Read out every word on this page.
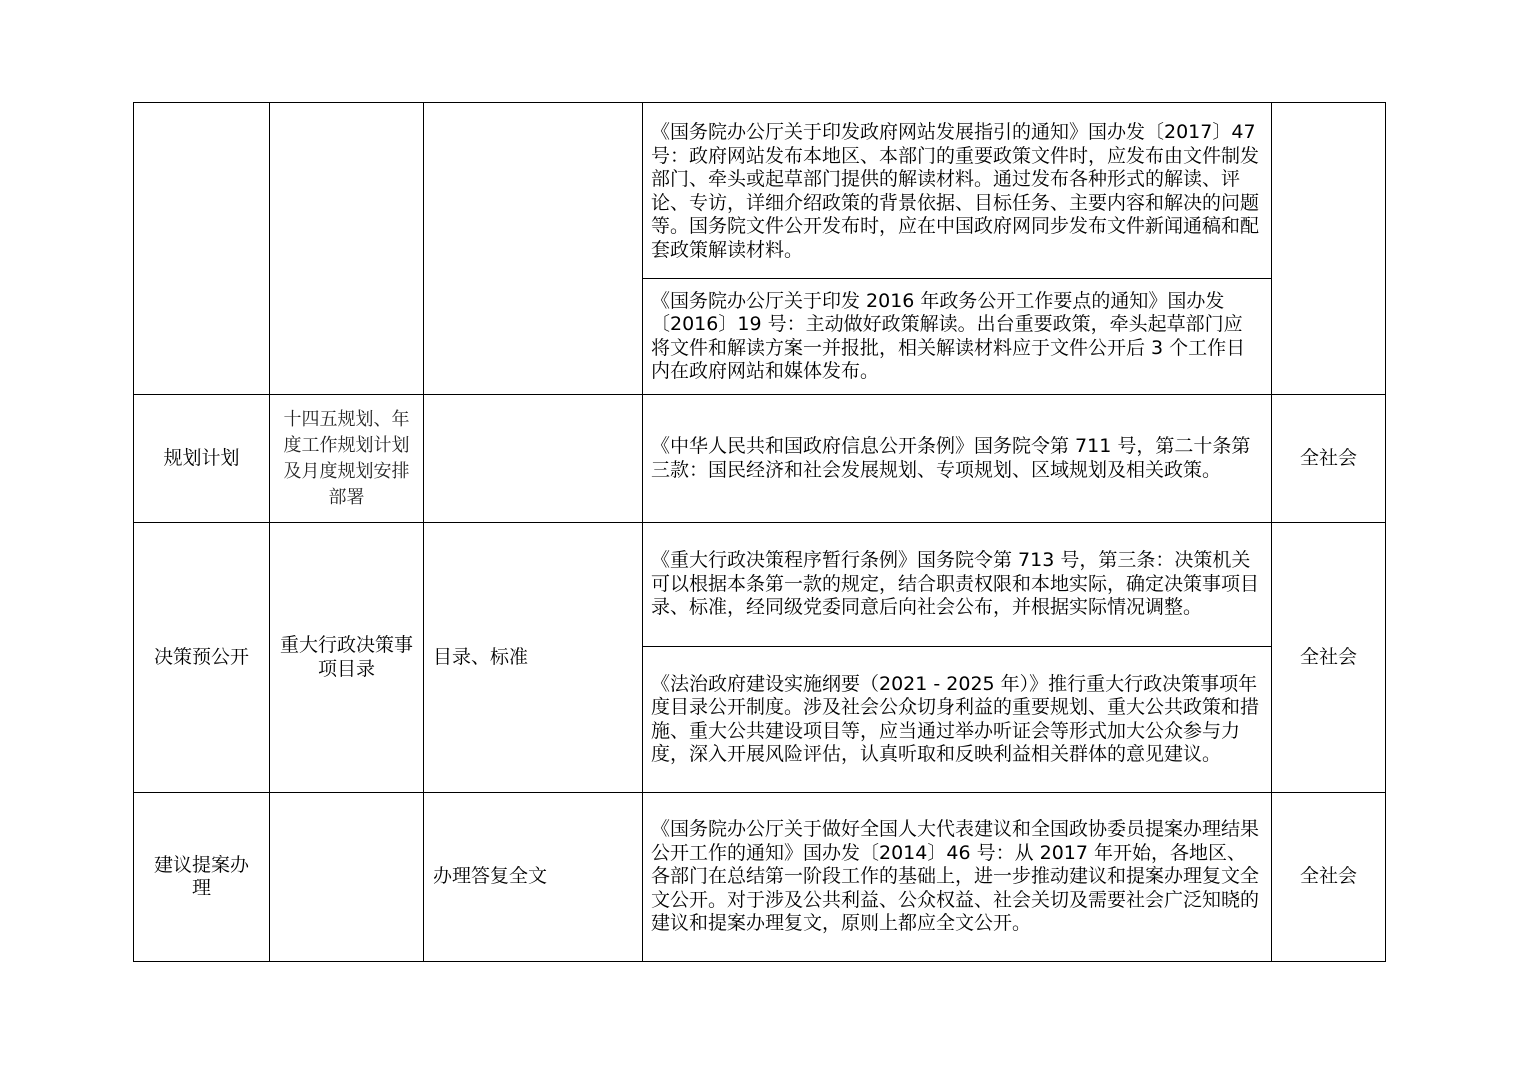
			《国务院办公厅关于印发政府网站发展指引的通知》国办发〔2017〕47 号：政府网站发布本地区、本部门的重要政策文件时，应发布由文件制发部门、牵头或起草部门提供的解读材料。通过发布各种形式的解读、评论、专访，详细介绍政策的背景依据、目标任务、主要内容和解决的问题等。国务院文件公开发布时，应在中国政府网同步发布文件新闻通稿和配套政策解读材料。	
			《国务院办公厅关于印发 2016 年政务公开工作要点的通知》国办发〔2016〕19 号：主动做好政策解读。出台重要政策，牵头起草部门应将文件和解读方案一并报批，相关解读材料应于文件公开后 3 个工作日内在政府网站和媒体发布。	
规划计划	十四五规划、年度工作规划计划及月度规划安排部署		《中华人民共和国政府信息公开条例》国务院令第 711 号，第二十条第三款：国民经济和社会发展规划、专项规划、区域规划及相关政策。	全社会
决策预公开	重大行政决策事项目录	目录、标准	《重大行政决策程序暂行条例》国务院令第 713 号，第三条：决策机关可以根据本条第一款的规定，结合职责权限和本地实际，确定决策事项目录、标准，经同级党委同意后向社会公布，并根据实际情况调整。	全社会
			《法治政府建设实施纲要（2021 - 2025 年）》推行重大行政决策事项年度目录公开制度。涉及社会公众切身利益的重要规划、重大公共政策和措施、重大公共建设项目等，应当通过举办听证会等形式加大公众参与力度，深入开展风险评估，认真听取和反映利益相关群体的意见建议。	
建议提案办理		办理答复全文	《国务院办公厅关于做好全国人大代表建议和全国政协委员提案办理结果公开工作的通知》国办发〔2014〕46 号：从 2017 年开始，各地区、各部门在总结第一阶段工作的基础上，进一步推动建议和提案办理复文全文公开。对于涉及公共利益、公众权益、社会关切及需要社会广泛知晓的建议和提案办理复文，原则上都应全文公开。	全社会
